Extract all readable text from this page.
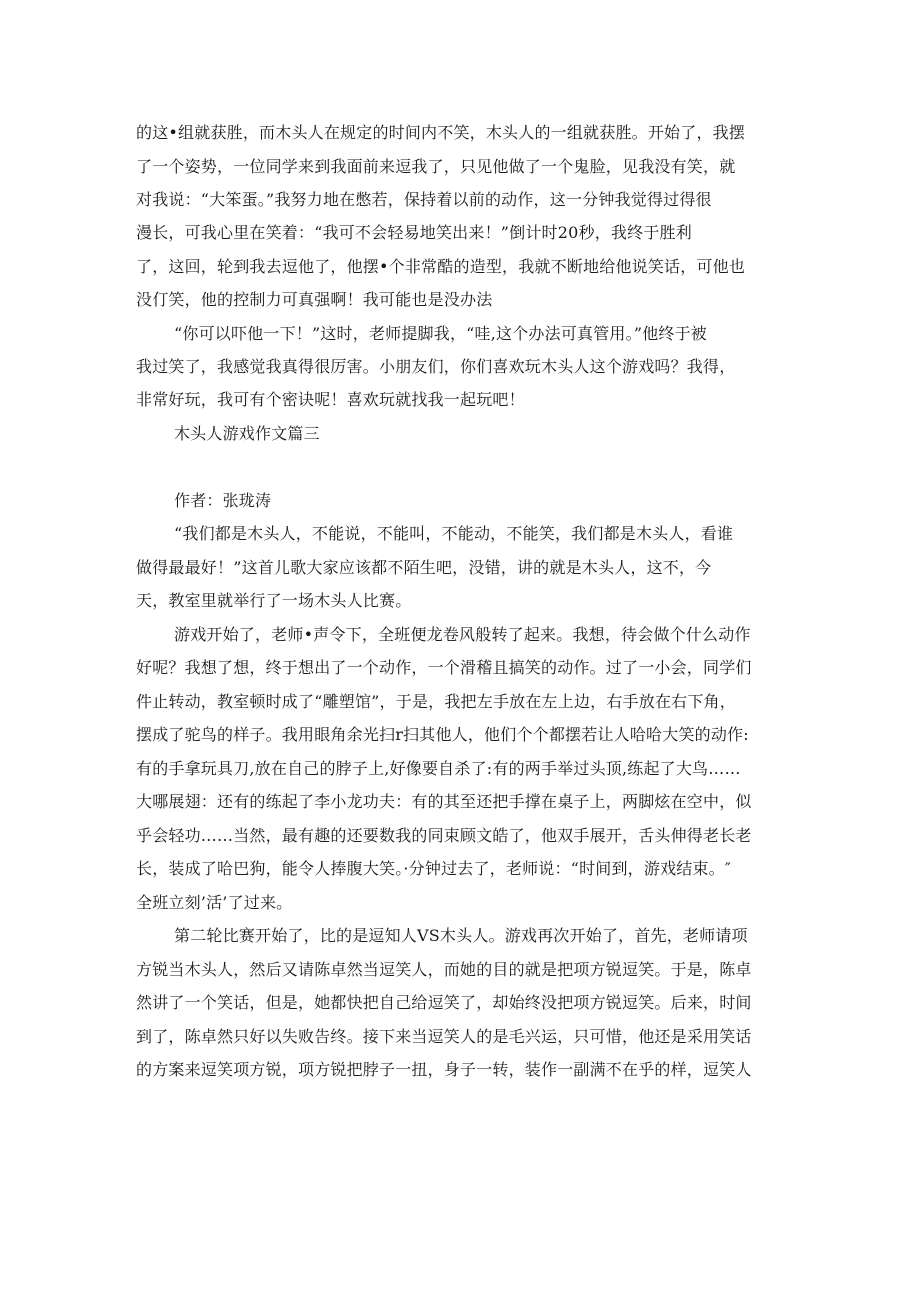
的这•组就获胜，而木头人在规定的时间内不笑，木头人的一组就获胜。开始了，我摆
了一个姿势，一位同学来到我面前来逗我了，只见他做了一个鬼脸，见我没有笑，就
对我说：“大笨蛋。”我努力地在憋若，保持着以前的动作，这一分钟我觉得过得很
漫长，可我心里在笑着：“我可不会轻易地笑出来！”倒计时20秒，我终于胜利
了，这回，轮到我去逗他了，他摆•个非常酷的造型，我就不断地给他说笑话，可他也
没仃笑，他的控制力可真强啊！我可能也是没办法
“你可以吓他一下！”这时，老师提脚我，“哇,这个办法可真管用。”他终于被
我过笑了，我感觉我真得很厉害。小朋友们，你们喜欢玩木头人这个游戏吗？我得，
非常好玩，我可有个密诀呢！喜欢玩就找我一起玩吧！
木头人游戏作文篇三
作者：张珑涛
“我们都是木头人，不能说，不能叫，不能动，不能笑，我们都是木头人，看谁
做得最最好！”这首儿歌大家应该都不陌生吧，没错，讲的就是木头人，这不，今
天，教室里就举行了一场木头人比赛。
游戏开始了，老师•声令下，全班便龙卷风般转了起来。我想，待会做个什么动作
好呢？我想了想，终于想出了一个动作，一个滑稽且搞笑的动作。过了一小会，同学们
件止转动，教室顿时成了“雕塑馆”，于是，我把左手放在左上边，右手放在右下角，
摆成了驼鸟的样子。我用眼角余光扫r扫其他人，他们个个都摆若让人哈哈大笑的动作:
有的手拿玩具刀,放在自己的脖子上,好像要自杀了:有的两手举过头顶,练起了大鸟……
大哪展翅：还有的练起了李小龙功夫：有的其至还把手撑在桌子上，两脚炫在空中，似
乎会轻功……当然，最有趣的还要数我的同束顾文皓了，他双手展开，舌头伸得老长老
长，装成了哈巴狗，能令人捧腹大笑。·分钟过去了，老师说：“时间到，游戏结束。″
全班立刻’活’了过来。
第二轮比赛开始了，比的是逗知人VS木头人。游戏再次开始了，首先，老师请项
方锐当木头人，然后又请陈卓然当逗笑人，而她的目的就是把项方锐逗笑。于是，陈卓
然讲了一个笑话，但是，她都快把自己给逗笑了，却始终没把项方锐逗笑。后来，时间
到了，陈卓然只好以失败告终。接下来当逗笑人的是毛兴运，只可惜，他还是采用笑话
的方案来逗笑项方锐，项方锐把脖子一扭，身子一转，装作一副满不在乎的样，逗笑人
